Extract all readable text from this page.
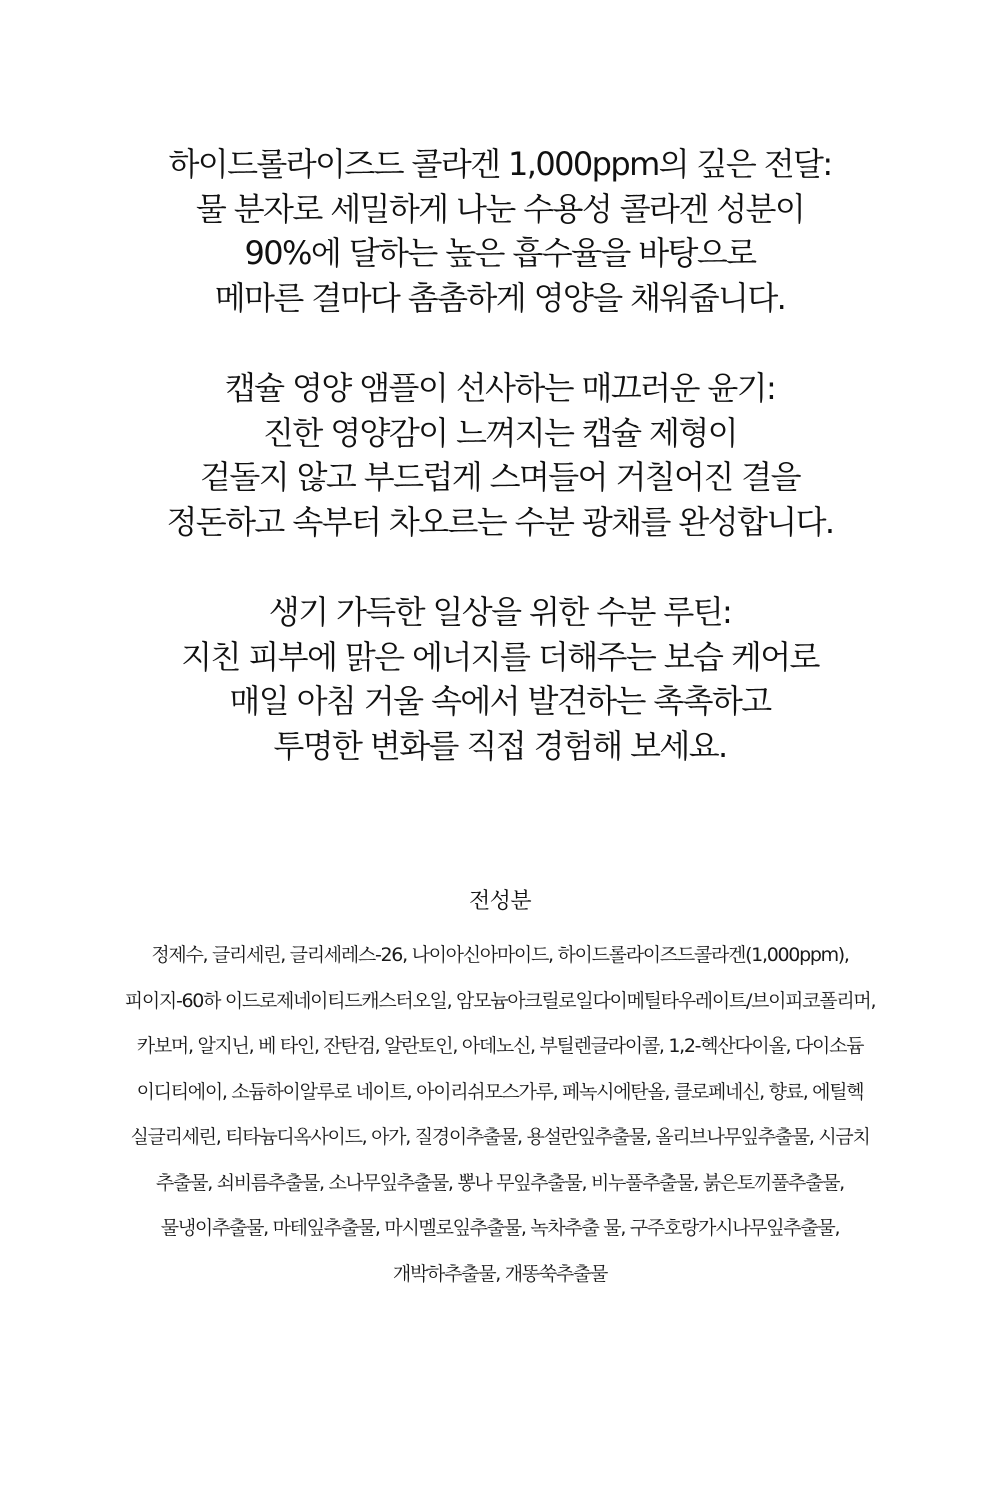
하이드롤라이즈드 콜라겐 1,000ppm의 깊은 전달:
물 분자로 세밀하게 나눈 수용성 콜라겐 성분이
90%에 달하는 높은 흡수율을 바탕으로
메마른 결마다 촘촘하게 영양을 채워줍니다.
캡슐 영양 앰플이 선사하는 매끄러운 윤기:
진한 영양감이 느껴지는 캡슐 제형이
겉돌지 않고 부드럽게 스며들어 거칠어진 결을
정돈하고 속부터 차오르는 수분 광채를 완성합니다.
생기 가득한 일상을 위한 수분 루틴:
지친 피부에 맑은 에너지를 더해주는 보습 케어로
매일 아침 거울 속에서 발견하는 촉촉하고
투명한 변화를 직접 경험해 보세요.
전성분
정제수, 글리세린, 글리세레스-26, 나이아신아마이드, 하이드롤라이즈드콜라겐(1,000ppm),
피이지-60하 이드로제네이티드캐스터오일, 암모늄아크릴로일다이메틸타우레이트/브이피코폴리머,
카보머, 알지닌, 베 타인, 잔탄검, 알란토인, 아데노신, 부틸렌글라이콜, 1,2-헥산다이올, 다이소듐
이디티에이, 소듐하이알루로 네이트, 아이리쉬모스가루, 페녹시에탄올, 클로페네신, 향료, 에틸헥
실글리세린, 티타늄디옥사이드, 아가, 질경이추출물, 용설란잎추출물, 올리브나무잎추출물, 시금치
추출물, 쇠비름추출물, 소나무잎추출물, 뽕나 무잎추출물, 비누풀추출물, 붉은토끼풀추출물,
물냉이추출물, 마테잎추출물, 마시멜로잎추출물, 녹차추출 물, 구주호랑가시나무잎추출물,
개박하추출물, 개똥쑥추출물
